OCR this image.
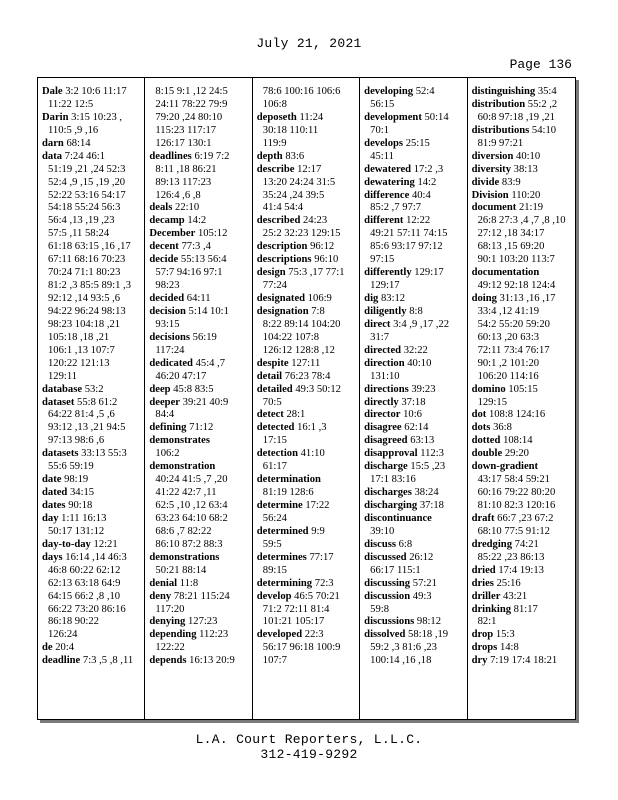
July 21, 2021
Page 136
Dale 3:2 10:6 11:17
11:22 12:5
Darin 3:15 10:23 ,
110:5 ,9 ,16
darn 68:14
data 7:24 46:1
51:19 ,21 ,24 52:3
52:4 ,9 ,15 ,19 ,20
52:22 53:16 54:17
54:18 55:24 56:3
56:4 ,13 ,19 ,23
57:5 ,11 58:24
61:18 63:15 ,16 ,17
67:11 68:16 70:23
70:24 71:1 80:23
81:2 ,3 85:5 89:1 ,3
92:12 ,14 93:5 ,6
94:22 96:24 98:13
98:23 104:18 ,21
105:18 ,18 ,21
106:1 ,13 107:7
120:22 121:13
129:11
database 53:2
dataset 55:8 61:2
64:22 81:4 ,5 ,6
93:12 ,13 ,21 94:5
97:13 98:6 ,6
datasets 33:13 55:3
55:6 59:19
date 98:19
dated 34:15
dates 90:18
day 1:11 16:13
50:17 131:12
day-to-day 12:21
days 16:14 ,14 46:3
46:8 60:22 62:12
62:13 63:18 64:9
64:15 66:2 ,8 ,10
66:22 73:20 86:16
86:18 90:22
126:24
de 20:4
deadline 7:3 ,5 ,8 ,11
8:15 9:1 ,12 24:5
24:11 78:22 79:9
79:20 ,24 80:10
115:23 117:17
126:17 130:1
deadlines 6:19 7:2
8:11 ,18 86:21
89:13 117:23
126:4 ,6 ,8
deals 22:10
decamp 14:2
December 105:12
decent 77:3 ,4
decide 55:13 56:4
57:7 94:16 97:1
98:23
decided 64:11
decision 5:14 10:1
93:15
decisions 56:19
117:24
dedicated 45:4 ,7
46:20 47:17
deep 45:8 83:5
deeper 39:21 40:9
84:4
defining 71:12
demonstrates
106:2
demonstration
40:24 41:5 ,7 ,20
41:22 42:7 ,11
62:5 ,10 ,12 63:4
63:23 64:10 68:2
68:6 ,7 82:22
86:10 87:2 88:3
demonstrations
50:21 88:14
denial 11:8
deny 78:21 115:24
117:20
denying 127:23
depending 112:23
122:22
depends 16:13 20:9
78:6 100:16 106:6
106:8
deposeth 11:24
30:18 110:11
119:9
depth 83:6
describe 12:17
13:20 24:24 31:5
35:24 ,24 39:5
41:4 54:4
described 24:23
25:2 32:23 129:15
description 96:12
descriptions 96:10
design 75:3 ,17 77:1
77:24
designated 106:9
designation 7:8
8:22 89:14 104:20
104:22 107:8
126:12 128:8 ,12
despite 127:11
detail 76:23 78:4
detailed 49:3 50:12
70:5
detect 28:1
detected 16:1 ,3
17:15
detection 41:10
61:17
determination
81:19 128:6
determine 17:22
56:24
determined 9:9
59:5
determines 77:17
89:15
determining 72:3
develop 46:5 70:21
71:2 72:11 81:4
101:21 105:17
developed 22:3
56:17 96:18 100:9
107:7
developing 52:4
56:15
development 50:14
70:1
develops 25:15
45:11
dewatered 17:2 ,3
dewatering 14:2
difference 40:4
85:2 ,7 97:7
different 12:22
49:21 57:11 74:15
85:6 93:17 97:12
97:15
differently 129:17
129:17
dig 83:12
diligently 8:8
direct 3:4 ,9 ,17 ,22
31:7
directed 32:22
direction 40:10
131:10
directions 39:23
directly 37:18
director 10:6
disagree 62:14
disagreed 63:13
disapproval 112:3
discharge 15:5 ,23
17:1 83:16
discharges 38:24
discharging 37:18
discontinuance
39:10
discuss 6:8
discussed 26:12
66:17 115:1
discussing 57:21
discussion 49:3
59:8
discussions 98:12
dissolved 58:18 ,19
59:2 ,3 81:6 ,23
100:14 ,16 ,18
distinguishing 35:4
distribution 55:2 ,2
60:8 97:18 ,19 ,21
distributions 54:10
81:9 97:21
diversion 40:10
diversity 38:13
divide 83:9
Division 110:20
document 21:19
26:8 27:3 ,4 ,7 ,8 ,10
27:12 ,18 34:17
68:13 ,15 69:20
90:1 103:20 113:7
documentation
49:12 92:18 124:4
doing 31:13 ,16 ,17
33:4 ,12 41:19
54:2 55:20 59:20
60:13 ,20 63:3
72:11 73:4 76:17
90:1 ,2 101:20
106:20 114:16
domino 105:15
129:15
dot 108:8 124:16
dots 36:8
dotted 108:14
double 29:20
down-gradient
43:17 58:4 59:21
60:16 79:22 80:20
81:10 82:3 120:16
draft 66:7 ,23 67:2
68:10 77:5 91:12
dredging 74:21
85:22 ,23 86:13
dried 17:4 19:13
dries 25:16
driller 43:21
drinking 81:17
82:1
drop 15:3
drops 14:8
dry 7:19 17:4 18:21
L.A. Court Reporters, L.L.C.
312-419-9292
